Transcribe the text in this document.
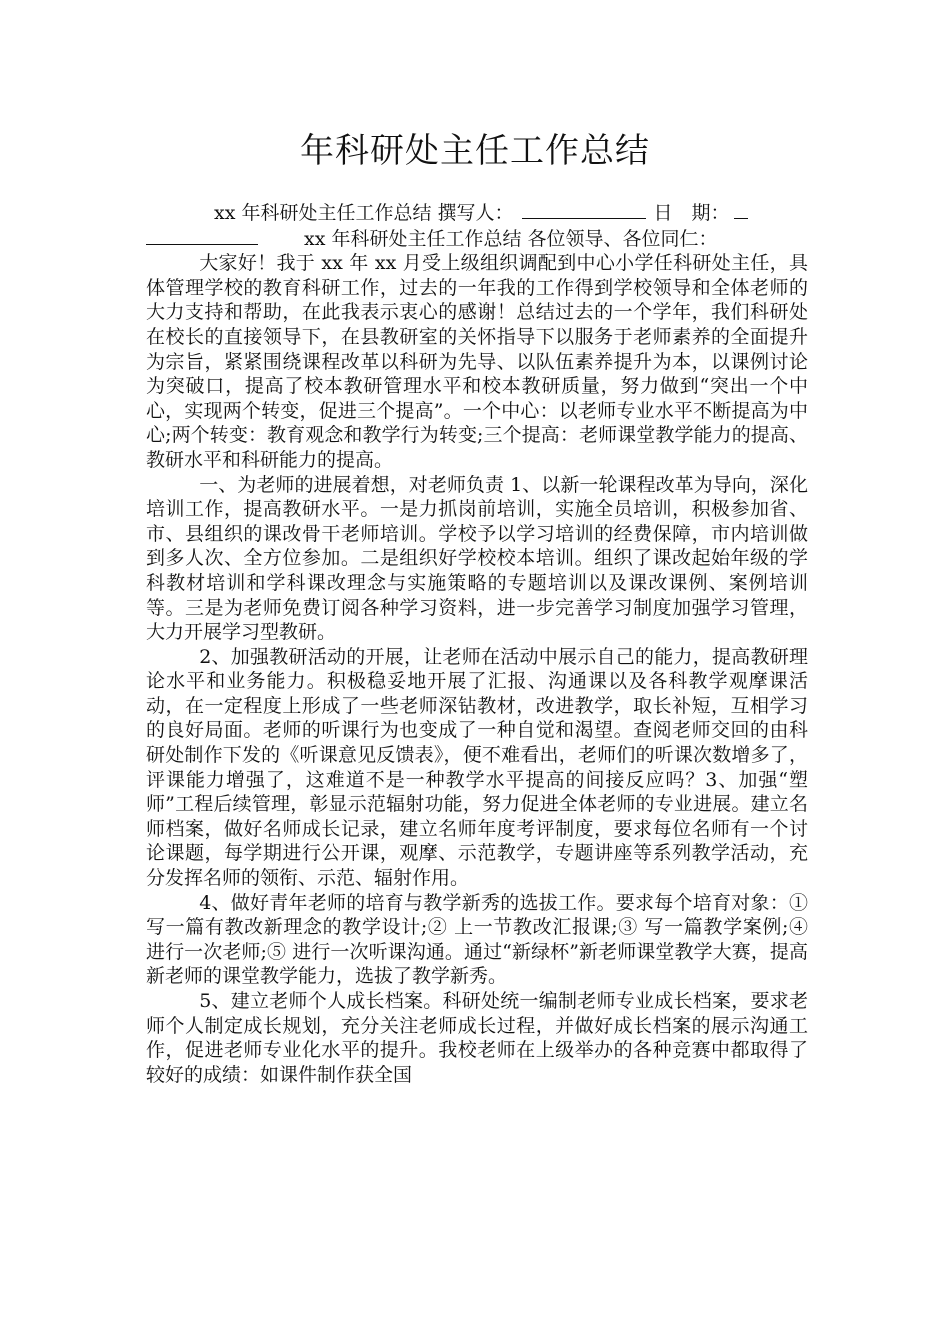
年科研处主任工作总结

xx 年科研处主任工作总结 撰写人：	日　期：

xx 年科研处主任工作总结 各位领导、各位同仁：

大家好！我于 xx 年 xx 月受上级组织调配到中心小学任科研处主任，具体管理学校的教育科研工作，过去的一年我的工作得到学校领导和全体老师的大力支持和帮助，在此我表示衷心的感谢！总结过去的一个学年，我们科研处在校长的直接领导下，在县教研室的关怀指导下以服务于老师素养的全面提升为宗旨，紧紧围绕课程改革以科研为先导、以队伍素养提升为本，以课例讨论为突破口，提高了校本教研管理水平和校本教研质量，努力做到“突出一个中心，实现两个转变，促进三个提高”。一个中心：以老师专业水平不断提高为中心;两个转变：教育观念和教学行为转变;三个提高：老师课堂教学能力的提高、教研水平和科研能力的提高。

一、为老师的进展着想，对老师负责 1、以新一轮课程改革为导向，深化培训工作，提高教研水平。一是力抓岗前培训，实施全员培训，积极参加省、市、县组织的课改骨干老师培训。学校予以学习培训的经费保障，市内培训做到多人次、全方位参加。二是组织好学校校本培训。组织了课改起始年级的学科教材培训和学科课改理念与实施策略的专题培训以及课改课例、案例培训等。三是为老师免费订阅各种学习资料，进一步完善学习制度加强学习管理，大力开展学习型教研。

2、加强教研活动的开展，让老师在活动中展示自己的能力，提高教研理论水平和业务能力。积极稳妥地开展了汇报、沟通课以及各科教学观摩课活动，在一定程度上形成了一些老师深钻教材，改进教学，取长补短，互相学习的良好局面。老师的听课行为也变成了一种自觉和渴望。查阅老师交回的由科研处制作下发的《听课意见反馈表》，便不难看出，老师们的听课次数增多了，评课能力增强了，这难道不是一种教学水平提高的间接反应吗？3、加强“塑师”工程后续管理，彰显示范辐射功能，努力促进全体老师的专业进展。建立名师档案，做好名师成长记录，建立名师年度考评制度，要求每位名师有一个讨论课题，每学期进行公开课，观摩、示范教学，专题讲座等系列教学活动，充分发挥名师的领衔、示范、辐射作用。

4、做好青年老师的培育与教学新秀的选拔工作。要求每个培育对象：①写一篇有教改新理念的教学设计;② 上一节教改汇报课;③ 写一篇教学案例;④ 进行一次老师;⑤ 进行一次听课沟通。通过“新绿杯”新老师课堂教学大赛，提高新老师的课堂教学能力，选拔了教学新秀。

5、建立老师个人成长档案。科研处统一编制老师专业成长档案，要求老师个人制定成长规划，充分关注老师成长过程，并做好成长档案的展示沟通工作，促进老师专业化水平的提升。我校老师在上级举办的各种竞赛中都取得了较好的成绩：如课件制作获全国
